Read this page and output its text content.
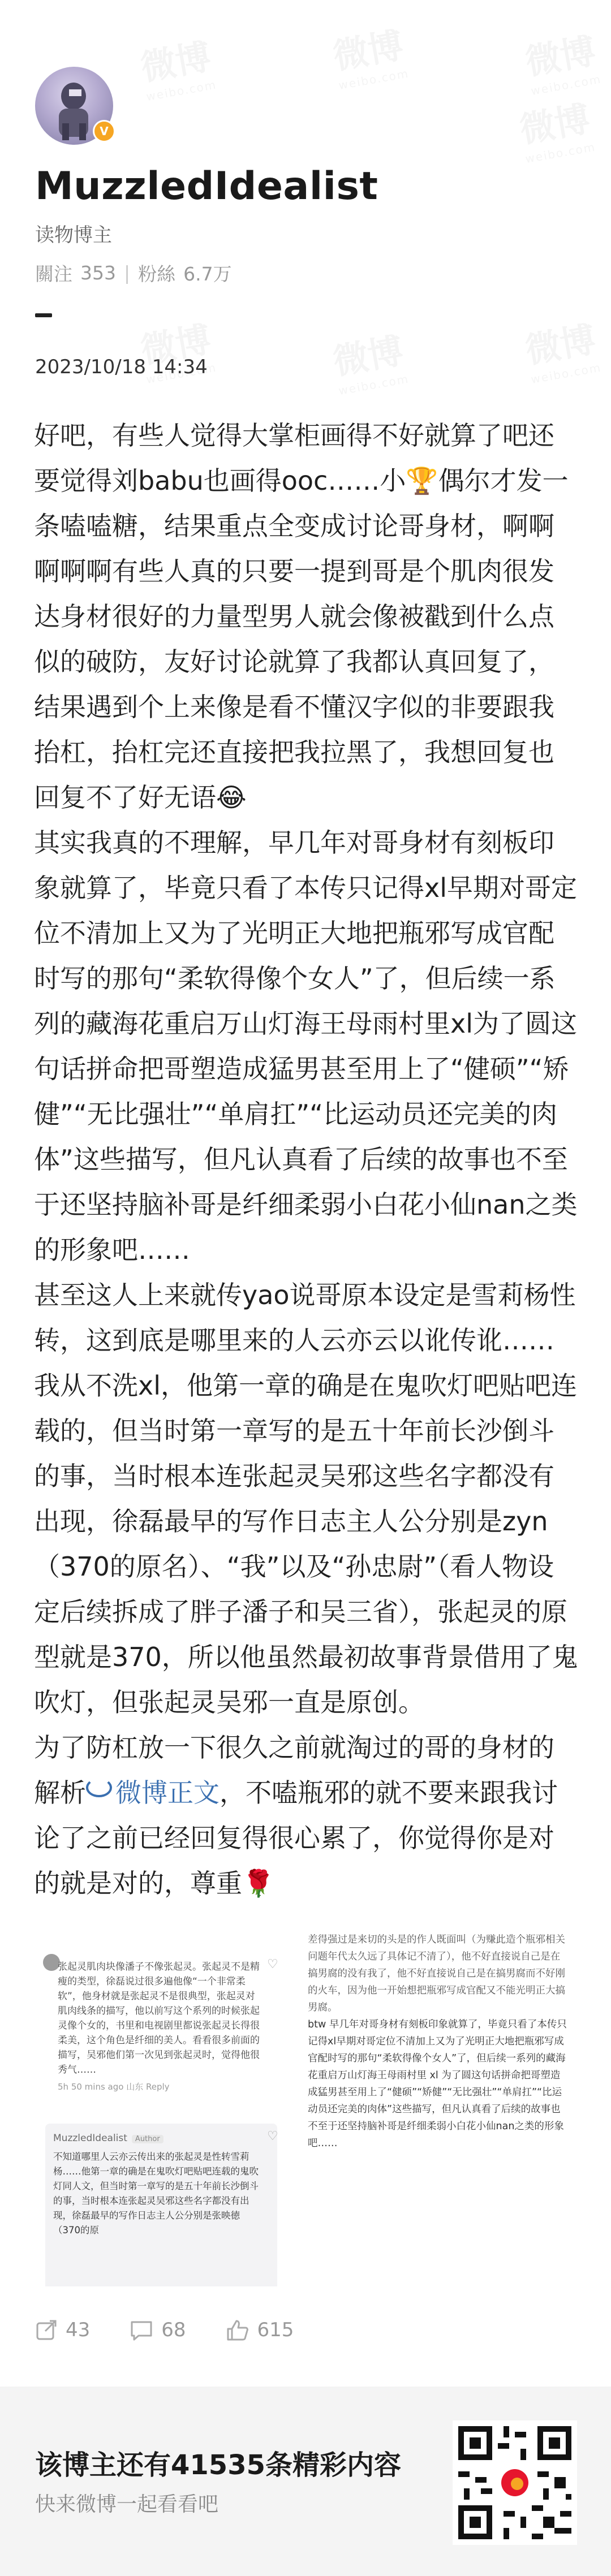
V
MuzzledIdealist
读物博主
關注 353 | 粉絲 6.7万
2023/10/18 14:34

好吧，有些人觉得大掌柜画得不好就算了吧还要觉得刘babu也画得ooc……小🏆偶尔才发一条嗑嗑糖，结果重点全变成讨论哥身材，啊啊啊啊啊有些人真的只要一提到哥是个肌肉很发达身材很好的力量型男人就会像被戳到什么点似的破防，友好讨论就算了我都认真回复了，结果遇到个上来像是看不懂汉字似的非要跟我抬杠，抬杠完还直接把我拉黑了，我想回复也回复不了好无语😂

其实我真的不理解，早几年对哥身材有刻板印象就算了，毕竟只看了本传只记得xl早期对哥定位不清加上又为了光明正大地把瓶邪写成官配时写的那句“柔软得像个女人”了，但后续一系列的藏海花重启万山灯海王母雨村里xl为了圆这句话拼命把哥塑造成猛男甚至用上了“健硕”“矫健”“无比强壮”“单肩扛”“比运动员还完美的肉体”这些描写，但凡认真看了后续的故事也不至于还坚持脑补哥是纤细柔弱小白花小仙nan之类的形象吧……

甚至这人上来就传yao说哥原本设定是雪莉杨性转，这到底是哪里来的人云亦云以讹传讹……我从不洗xl，他第一章的确是在鬼吹灯吧贴吧连载的，但当时第一章写的是五十年前长沙倒斗的事，当时根本连张起灵吴邪这些名字都没有出现，徐磊最早的写作日志主人公分别是zyn（370的原名）、“我”以及“孙忠尉”（看人物设定后续拆成了胖子潘子和吴三省），张起灵的原型就是370，所以他虽然最初故事背景借用了鬼吹灯，但张起灵吴邪一直是原创。

为了防杠放一下很久之前就淘过的哥的身材的解析 微博正文，不嗑瓶邪的就不要来跟我讨论了之前已经回复得很心累了，你觉得你是对的就是对的，尊重🌹

♡
张起灵肌肉块像潘子不像张起灵。张起灵不是精瘦的类型，徐磊说过很多遍他像“一个非常柔软”，他身材就是张起灵不是很典型，张起灵对肌肉线条的描写，他以前写这个系列的时候张起灵像个女的，书里和电视剧里都说张起灵长得很柔美，这个角色是纤细的美人。看看很多前面的描写，吴邪他们第一次见到张起灵时，觉得他很秀气……
5h 50 mins ago 山东 Reply
MuzzledIdealist Author
不知道哪里人云亦云传出来的张起灵是性转雪莉杨……他第一章的确是在鬼吹灯吧贴吧连载的鬼吹灯同人文，但当时第一章写的是五十年前长沙倒斗的事，当时根本连张起灵吴邪这些名字都没有出现，徐磊最早的写作日志主人公分别是张映徳（370的原
♡
差得强过是来切的头是的作人既面叫（为赚此造个瓶邪相关问题年代太久远了具体记不清了），他不好直接说自己是在搞男腐的没有我了，他不好直接说自己是在搞男腐而不好刚的火车，因为他一开始想把瓶邪写成官配又不能光明正大搞男腐。
btw 早几年对哥身材有刻板印象就算了，毕竟只看了本传只记得xl早期对哥定位不清加上又为了光明正大地把瓶邪写成官配时写的那句“柔软得像个女人”了，但后续一系列的藏海花重启万山灯海王母雨村里 xl 为了圆这句话拼命把哥塑造成猛男甚至用上了“健硕”“矫健”“无比强壮”“单肩扛”“比运动员还完美的肉体”这些描写，但凡认真看了后续的故事也不至于还坚持脑补哥是纤细柔弱小白花小仙nan之类的形象吧……
43	68	615
该博主还有41535条精彩内容
快来微博一起看看吧
